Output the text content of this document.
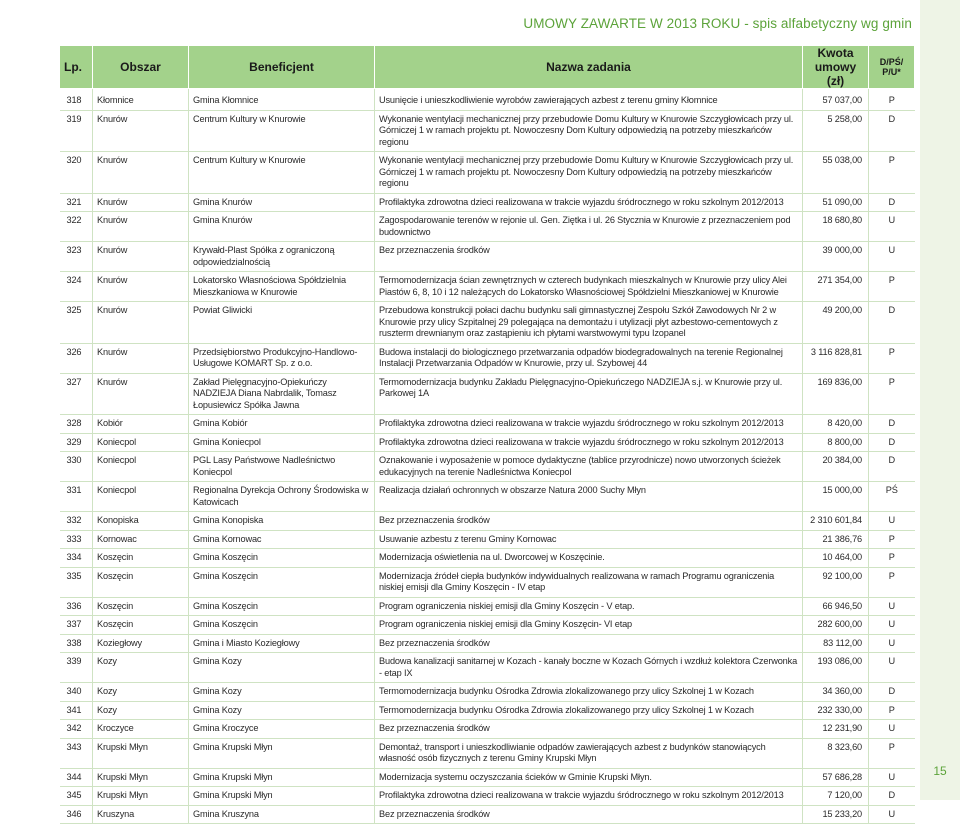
UMOWY ZAWARTE W 2013 ROKU - spis alfabetyczny wg gmin
15
Lp.	Obszar	Beneficjent	Nazwa zadania	Kwota umowy (zł)	D/PŚ/ P/U*
318	Kłomnice	Gmina Kłomnice	Usunięcie i unieszkodliwienie wyrobów zawierających azbest z terenu gminy Kłomnice	57 037,00	P
319	Knurów	Centrum Kultury w Knurowie	Wykonanie wentylacji mechanicznej przy przebudowie Domu Kultury w Knurowie Szczygłowicach przy ul. Górniczej 1 w ramach projektu pt. Nowoczesny Dom Kultury odpowiedzią na potrzeby mieszkańców regionu	5 258,00	D
320	Knurów	Centrum Kultury w Knurowie	Wykonanie wentylacji mechanicznej przy przebudowie Domu Kultury w Knurowie Szczygłowicach przy ul. Górniczej 1 w ramach projektu pt. Nowoczesny Dom Kultury odpowiedzią na potrzeby mieszkańców regionu	55 038,00	P
321	Knurów	Gmina Knurów	Profilaktyka zdrowotna dzieci realizowana w trakcie wyjazdu śródrocznego w roku szkolnym 2012/2013	51 090,00	D
322	Knurów	Gmina Knurów	Zagospodarowanie terenów w rejonie ul. Gen. Ziętka i ul. 26 Stycznia w Knurowie z przeznaczeniem pod budownictwo	18 680,80	U
323	Knurów	Krywałd-Plast Spółka z ograniczoną odpowiedzialnością	Bez przeznaczenia środków	39 000,00	U
324	Knurów	Lokatorsko Własnościowa Spółdzielnia Mieszkaniowa w Knurowie	Termomodernizacja ścian zewnętrznych w czterech budynkach mieszkalnych w Knurowie przy ulicy Alei Piastów 6, 8, 10 i 12 należących do Lokatorsko Własnościowej Spółdzielni Mieszkaniowej w Knurowie	271 354,00	P
325	Knurów	Powiat Gliwicki	Przebudowa konstrukcji połaci dachu budynku sali gimnastycznej Zespołu Szkół Zawodowych Nr 2 w Knurowie przy ulicy Szpitalnej 29 polegająca na demontażu i utylizacji płyt azbestowo-cementowych z ruszterm drewnianym oraz zastąpieniu ich płytami warstwowymi typu Izopanel	49 200,00	D
326	Knurów	Przedsiębiorstwo Produkcyjno-Handlowo-Usługowe KOMART Sp. z o.o.	Budowa instalacji do biologicznego przetwarzania odpadów biodegradowalnych na terenie Regionalnej Instalacji Przetwarzania Odpadów w Knurowie, przy ul. Szybowej 44	3 116 828,81	P
327	Knurów	Zakład Pielęgnacyjno-Opiekuńczy NADZIEJA Diana Nabrdalik, Tomasz Łopusiewicz Spółka Jawna	Termomodernizacja budynku Zakładu Pielęgnacyjno-Opiekuńczego NADZIEJA s.j. w Knurowie przy ul. Parkowej 1A	169 836,00	P
328	Kobiór	Gmina Kobiór	Profilaktyka zdrowotna dzieci realizowana w trakcie wyjazdu śródrocznego w roku szkolnym 2012/2013	8 420,00	D
329	Koniecpol	Gmina Koniecpol	Profilaktyka zdrowotna dzieci realizowana w trakcie wyjazdu śródrocznego w roku szkolnym 2012/2013	8 800,00	D
330	Koniecpol	PGL Lasy Państwowe Nadleśnictwo Koniecpol	Oznakowanie i wyposażenie w pomoce dydaktyczne (tablice przyrodnicze) nowo utworzonych ścieżek edukacyjnych na terenie Nadleśnictwa Koniecpol	20 384,00	D
331	Koniecpol	Regionalna Dyrekcja Ochrony Środowiska w Katowicach	Realizacja działań ochronnych w obszarze Natura 2000 Suchy Młyn	15 000,00	PŚ
332	Konopiska	Gmina Konopiska	Bez przeznaczenia środków	2 310 601,84	U
333	Kornowac	Gmina Kornowac	Usuwanie azbestu z terenu Gminy Kornowac	21 386,76	P
334	Koszęcin	Gmina Koszęcin	Modernizacja oświetlenia na ul. Dworcowej w Koszęcinie.	10 464,00	P
335	Koszęcin	Gmina Koszęcin	Modernizacja źródeł ciepła budynków indywidualnych realizowana w ramach Programu ograniczenia niskiej emisji dla Gminy Koszęcin - IV etap	92 100,00	P
336	Koszęcin	Gmina Koszęcin	Program ograniczenia niskiej emisji dla Gminy Koszęcin - V etap.	66 946,50	U
337	Koszęcin	Gmina Koszęcin	Program ograniczenia niskiej emisji dla Gminy Koszęcin- VI etap	282 600,00	U
338	Koziegłowy	Gmina i Miasto Koziegłowy	Bez przeznaczenia środków	83 112,00	U
339	Kozy	Gmina Kozy	Budowa kanalizacji sanitarnej w Kozach - kanały boczne w Kozach Górnych i wzdłuż kolektora Czerwonka - etap IX	193 086,00	U
340	Kozy	Gmina Kozy	Termomodernizacja budynku Ośrodka Zdrowia zlokalizowanego przy ulicy Szkolnej 1 w Kozach	34 360,00	D
341	Kozy	Gmina Kozy	Termomodernizacja budynku Ośrodka Zdrowia zlokalizowanego przy ulicy Szkolnej 1 w Kozach	232 330,00	P
342	Kroczyce	Gmina Kroczyce	Bez przeznaczenia środków	12 231,90	U
343	Krupski Młyn	Gmina Krupski Młyn	Demontaż, transport i unieszkodliwianie odpadów zawierających azbest z budynków stanowiących własność osób fizycznych z terenu Gminy Krupski Młyn	8 323,60	P
344	Krupski Młyn	Gmina Krupski Młyn	Modernizacja systemu oczyszczania ścieków w Gminie Krupski Młyn.	57 686,28	U
345	Krupski Młyn	Gmina Krupski Młyn	Profilaktyka zdrowotna dzieci realizowana w trakcie wyjazdu śródrocznego w roku szkolnym 2012/2013	7 120,00	D
346	Kruszyna	Gmina Kruszyna	Bez przeznaczenia środków	15 233,20	U
